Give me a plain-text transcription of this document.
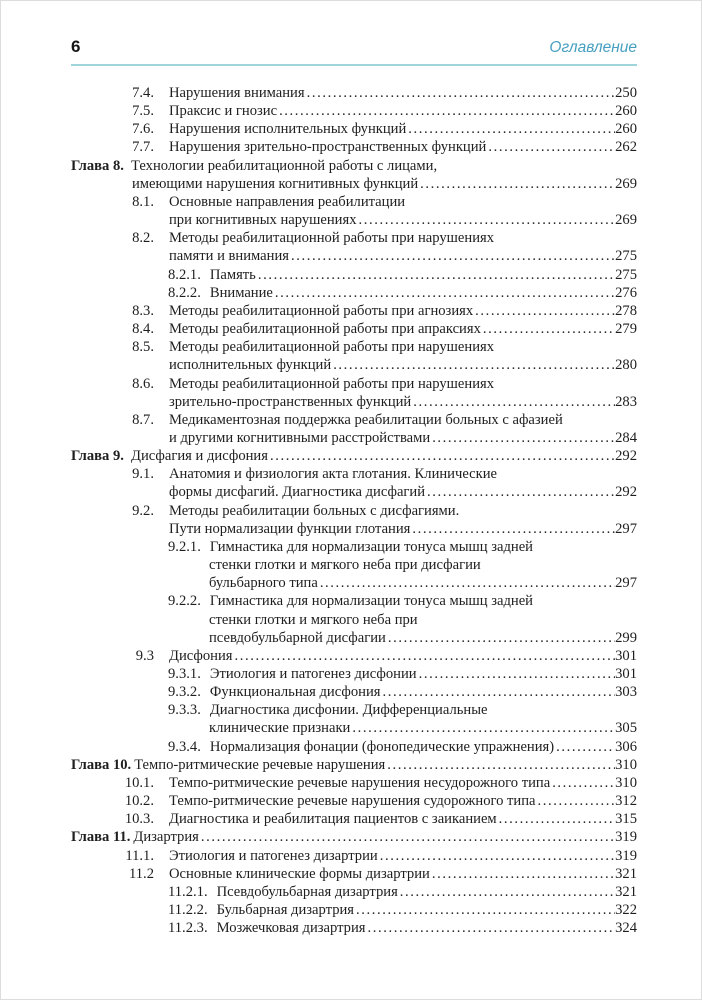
6	Оглавление
7.4. Нарушения внимания .....	250
7.5. Праксис и гнозис .....	260
7.6. Нарушения исполнительных функций .....	260
7.7. Нарушения зрительно-пространственных функций .....	262
Глава 8. Технологии реабилитационной работы с лицами,
имеющими нарушения когнитивных функций .....	269
8.1. Основные направления реабилитации
при когнитивных нарушениях .....	269
8.2. Методы реабилитационной работы при нарушениях
памяти и внимания .....	275
8.2.1. Память .....	275
8.2.2. Внимание .....	276
8.3. Методы реабилитационной работы при агнозиях .....	278
8.4. Методы реабилитационной работы при апраксиях .....	279
8.5. Методы реабилитационной работы при нарушениях
исполнительных функций .....	280
8.6. Методы реабилитационной работы при нарушениях
зрительно-пространственных функций .....	283
8.7. Медикаментозная поддержка реабилитации больных с афазией
и другими когнитивными расстройствами .....	284
Глава 9. Дисфагия и дисфония .....	292
9.1. Анатомия и физиология акта глотания. Клинические
формы дисфагий. Диагностика дисфагий .....	292
9.2. Методы реабилитации больных с дисфагиями.
Пути нормализации функции глотания .....	297
9.2.1. Гимнастика для нормализации тонуса мышц задней
стенки глотки и мягкого неба при дисфагии
бульбарного типа .....	297
9.2.2. Гимнастика для нормализации тонуса мышц задней
стенки глотки и мягкого неба при
псевдобульбарной дисфагии .....	299
9.3 Дисфония .....	301
9.3.1. Этиология и патогенез дисфонии .....	301
9.3.2. Функциональная дисфония .....	303
9.3.3. Диагностика дисфонии. Дифференциальные
клинические признаки .....	305
9.3.4. Нормализация фонации (фонопедические упражнения) .....	306
Глава 10. Темпо-ритмические речевые нарушения .....	310
10.1. Темпо-ритмические речевые нарушения несудорожного типа .....	310
10.2. Темпо-ритмические речевые нарушения судорожного типа .....	312
10.3. Диагностика и реабилитация пациентов с заиканием .....	315
Глава 11. Дизартрия .....	319
11.1. Этиология и патогенез дизартрии .....	319
11.2 Основные клинические формы дизартрии .....	321
11.2.1. Псевдобульбарная дизартрия .....	321
11.2.2. Бульбарная дизартрия .....	322
11.2.3. Мозжечковая дизартрия .....	324
